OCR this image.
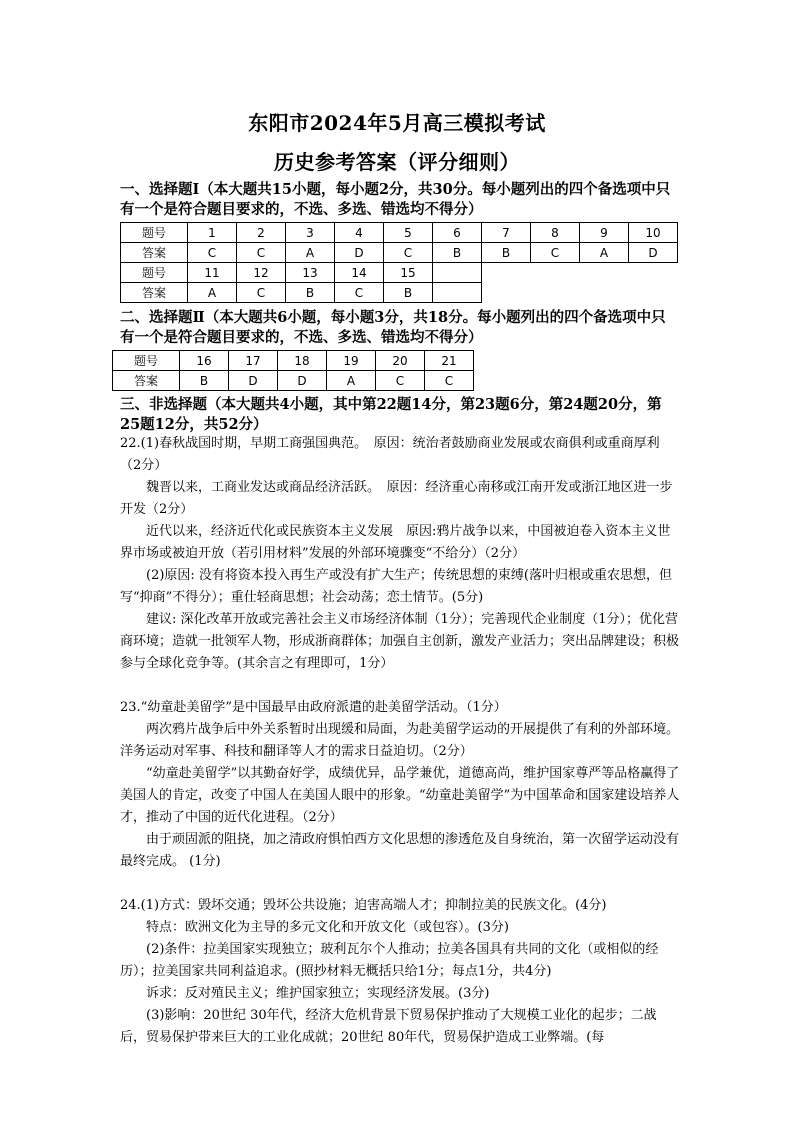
东阳市2024年5月高三模拟考试
历史参考答案（评分细则）
一、选择题Ⅰ（本大题共15小题，每小题2分，共30分。每小题列出的四个备选项中只有一个是符合题目要求的，不选、多选、错选均不得分）
题号	1	2	3	4	5	6	7	8	9	10
答案	C	C	A	D	C	B	B	C	A	D
题号	11	12	13	14	15					
答案	A	C	B	C	B					
二、选择题Ⅱ（本大题共6小题，每小题3分，共18分。每小题列出的四个备选项中只有一个是符合题目要求的，不选、多选、错选均不得分）
题号	16	17	18	19	20	21
答案	B	D	D	A	C	C
三、非选择题（本大题共4小题，其中第22题14分，第23题6分，第24题20分，第25题12分，共52分）

22.(1)春秋战国时期，早期工商强国典范。　原因：统治者鼓励商业发展或农商俱利或重商厚利（2分）

魏晋以来，工商业发达或商品经济活跃。　原因：经济重心南移或江南开发或浙江地区进一步开发（2分）

近代以来，经济近代化或民族资本主义发展　原因:鸦片战争以来，中国被迫卷入资本主义世界市场或被迫开放（若引用材料”发展的外部环境骤变“不给分）（2分）

(2)原因: 没有将资本投入再生产或没有扩大生产；传统思想的束缚(落叶归根或重农思想，但写“抑商”不得分）；重仕轻商思想；社会动荡；恋土情节。(5分)

建议: 深化改革开放或完善社会主义市场经济体制（1分）；完善现代企业制度（1分）；优化营商环境；造就一批领军人物，形成浙商群体；加强自主创新，激发产业活力；突出品牌建设；积极参与全球化竞争等。(其余言之有理即可，1分）

23.“幼童赴美留学”是中国最早由政府派遣的赴美留学活动。（1分）

两次鸦片战争后中外关系暂时出现缓和局面，为赴美留学运动的开展提供了有利的外部环境。洋务运动对军事、科技和翻译等人才的需求日益迫切。（2分）

“幼童赴美留学”以其勤奋好学，成绩优异，品学兼优，道德高尚，维护国家尊严等品格赢得了美国人的肯定，改变了中国人在美国人眼中的形象。“幼童赴美留学”为中国革命和国家建设培养人才，推动了中国的近代化进程。（2分）

由于顽固派的阻挠，加之清政府惧怕西方文化思想的渗透危及自身统治，第一次留学运动没有最终完成。 (1分)

24.(1)方式：毁坏交通；毁坏公共设施；迫害高端人才；抑制拉美的民族文化。(4分)

特点：欧洲文化为主导的多元文化和开放文化（或包容）。(3分)

(2)条件：拉美国家实现独立；玻利瓦尔个人推动；拉美各国具有共同的文化（或相似的经历）；拉美国家共同利益追求。(照抄材料无概括只给1分；每点1分，共4分)

诉求：反对殖民主义；维护国家独立；实现经济发展。(3分)

(3)影响：20世纪 30年代，经济大危机背景下贸易保护推动了大规模工业化的起步；二战后，贸易保护带来巨大的工业化成就；20世纪 80年代，贸易保护造成工业弊端。(每
